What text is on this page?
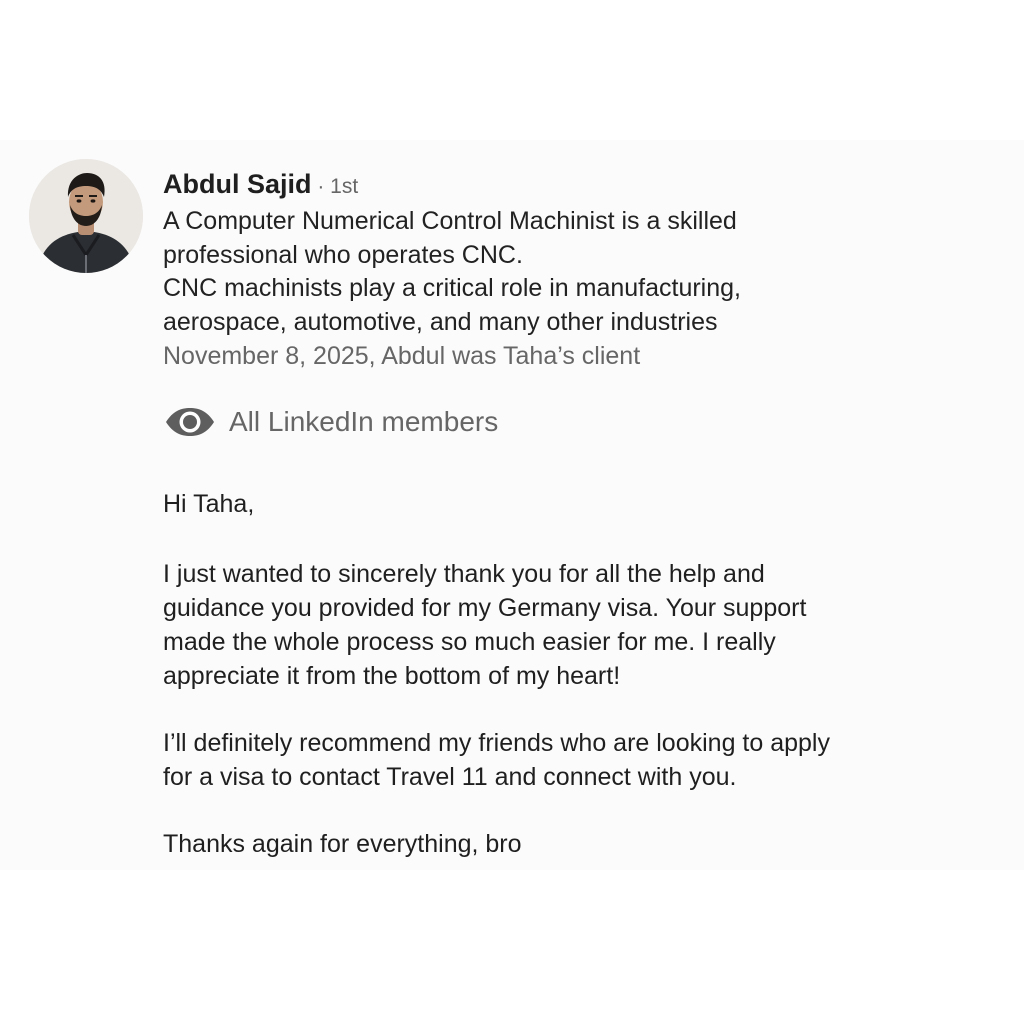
Abdul Sajid · 1st
A Computer Numerical Control Machinist is a skilled
professional who operates CNC.
CNC machinists play a critical role in manufacturing,
aerospace, automotive, and many other industries
November 8, 2025, Abdul was Taha’s client
All LinkedIn members

Hi Taha,

I just wanted to sincerely thank you for all the help and

guidance you provided for my Germany visa. Your support

made the whole process so much easier for me. I really

appreciate it from the bottom of my heart!

I’ll definitely recommend my friends who are looking to apply

for a visa to contact Travel 11 and connect with you.

Thanks again for everything, bro
